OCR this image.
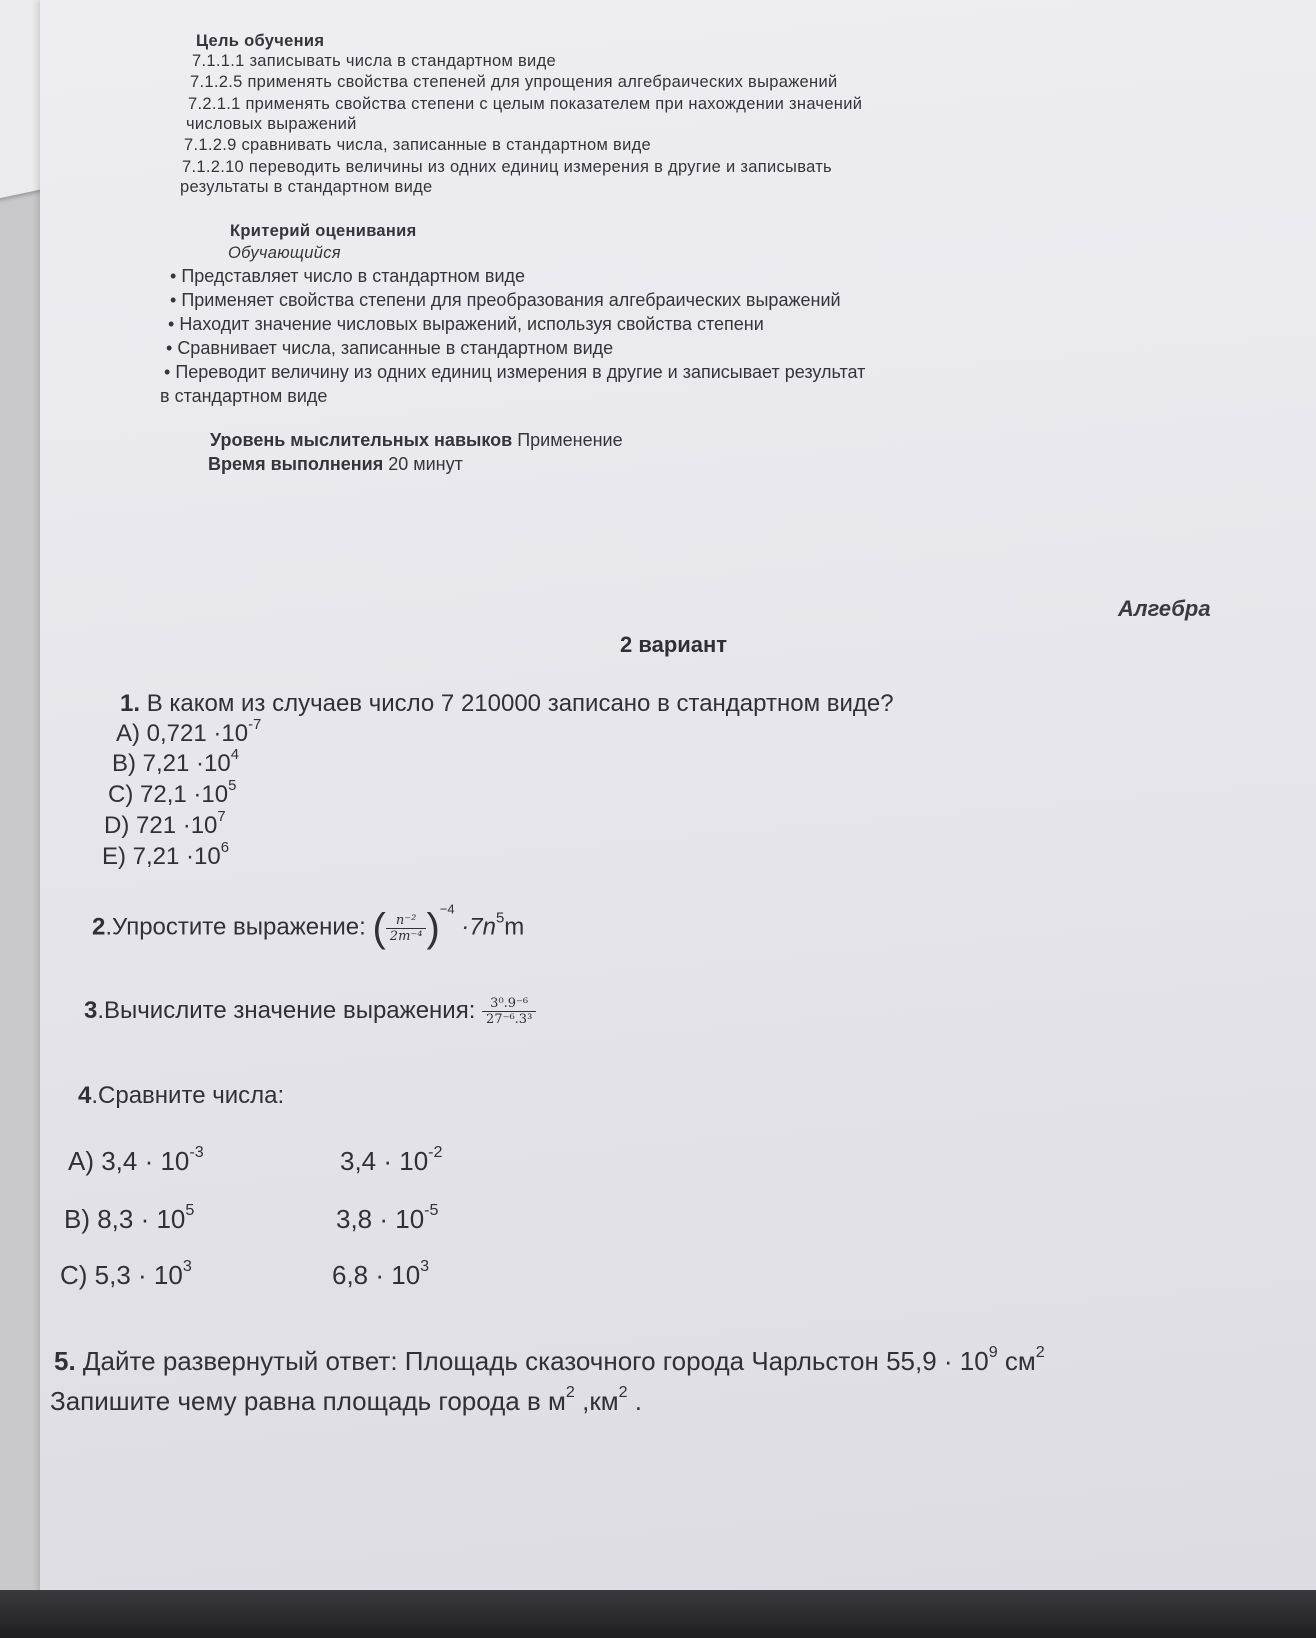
Цель обучения
7.1.1.1 записывать числа в стандартном виде
7.1.2.5 применять свойства степеней для упрощения алгебраических выражений
7.2.1.1 применять свойства степени с целым показателем при нахождении значений
числовых выражений
7.1.2.9 сравнивать числа, записанные в стандартном виде
7.1.2.10 переводить величины из одних единиц измерения в другие и записывать
результаты в стандартном виде
Критерий оценивания
Обучающийся
• Представляет число в стандартном виде
• Применяет свойства степени для преобразования алгебраических выражений
• Находит значение числовых выражений, используя свойства степени
• Сравнивает числа, записанные в стандартном виде
• Переводит величину из одних единиц измерения в другие и записывает результат
в стандартном виде
Уровень мыслительных навыков Применение
Время выполнения 20 минут
Алгебра
2 вариант
1. В каком из случаев число 7 210000 записано в стандартном виде?
A) $0,721 \cdot 10^{-7}$
B) $7,21 \cdot 10^4$
C) $72,1 \cdot 10^5$
D) $721 \cdot 10^7$
E) $7,21 \cdot 10^6$
2.Упростите выражение: ( $\frac{\text{n⁻²}}{\text{2m⁻⁴}} )^{-4} \cdot 7n^5m$
3.Вычислите значение выражения: $\frac{\text{3⁰.9⁻⁶}}{\text{27⁻⁶.3³}}$
4.Сравните числа:
A) $3,4 \cdot 10^{-3}$	$3,4 \cdot 10^{-2}$
B) $8,3 \cdot 10^5$	$3,8 \cdot 10^{-5}$
C) $5,3 \cdot 10^3$	$6,8 \cdot 10^3$
5. Дайте развернутый ответ: Площадь сказочного города Чарльстон $55,9 \cdot 10^9$ $см^2$
Запишите чему равна площадь города в $м^2$ $,км^2$ .
